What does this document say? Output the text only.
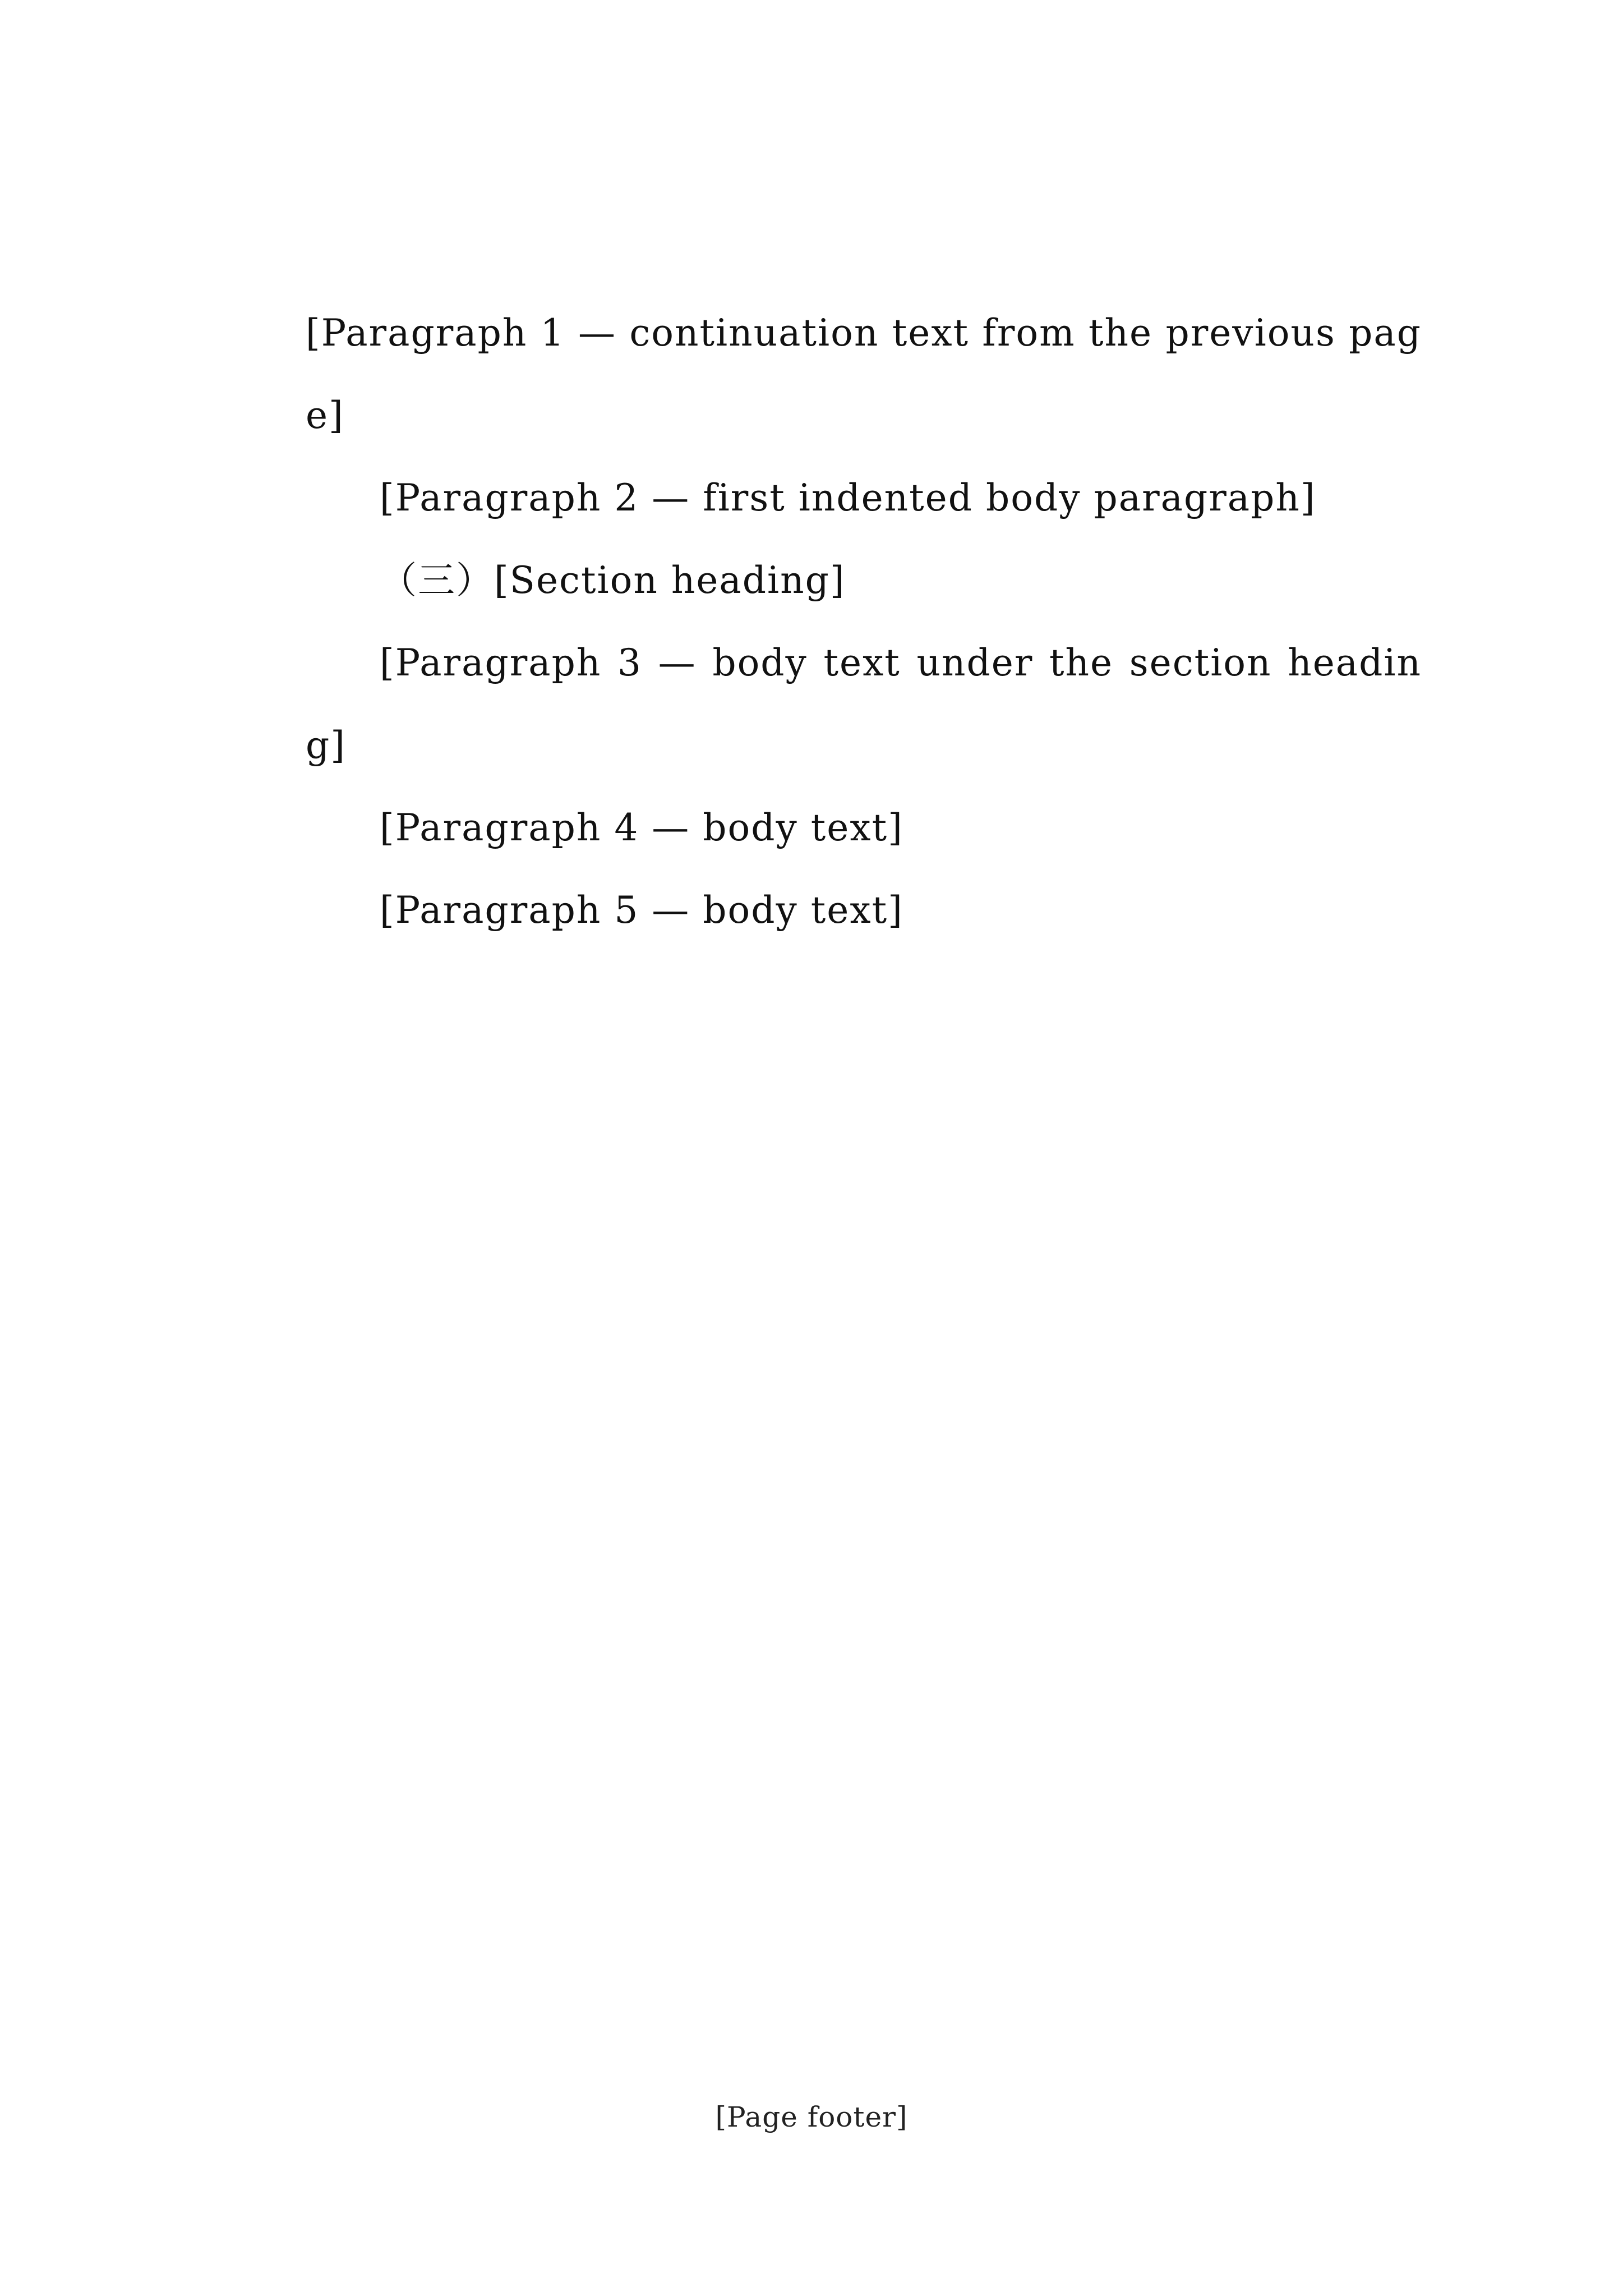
[Paragraph 1 — continuation text from the previous page]

[Paragraph 2 — first indented body paragraph]

（三）[Section heading]

[Paragraph 3 — body text under the section heading]

[Paragraph 4 — body text]

[Paragraph 5 — body text]

[Page footer]
